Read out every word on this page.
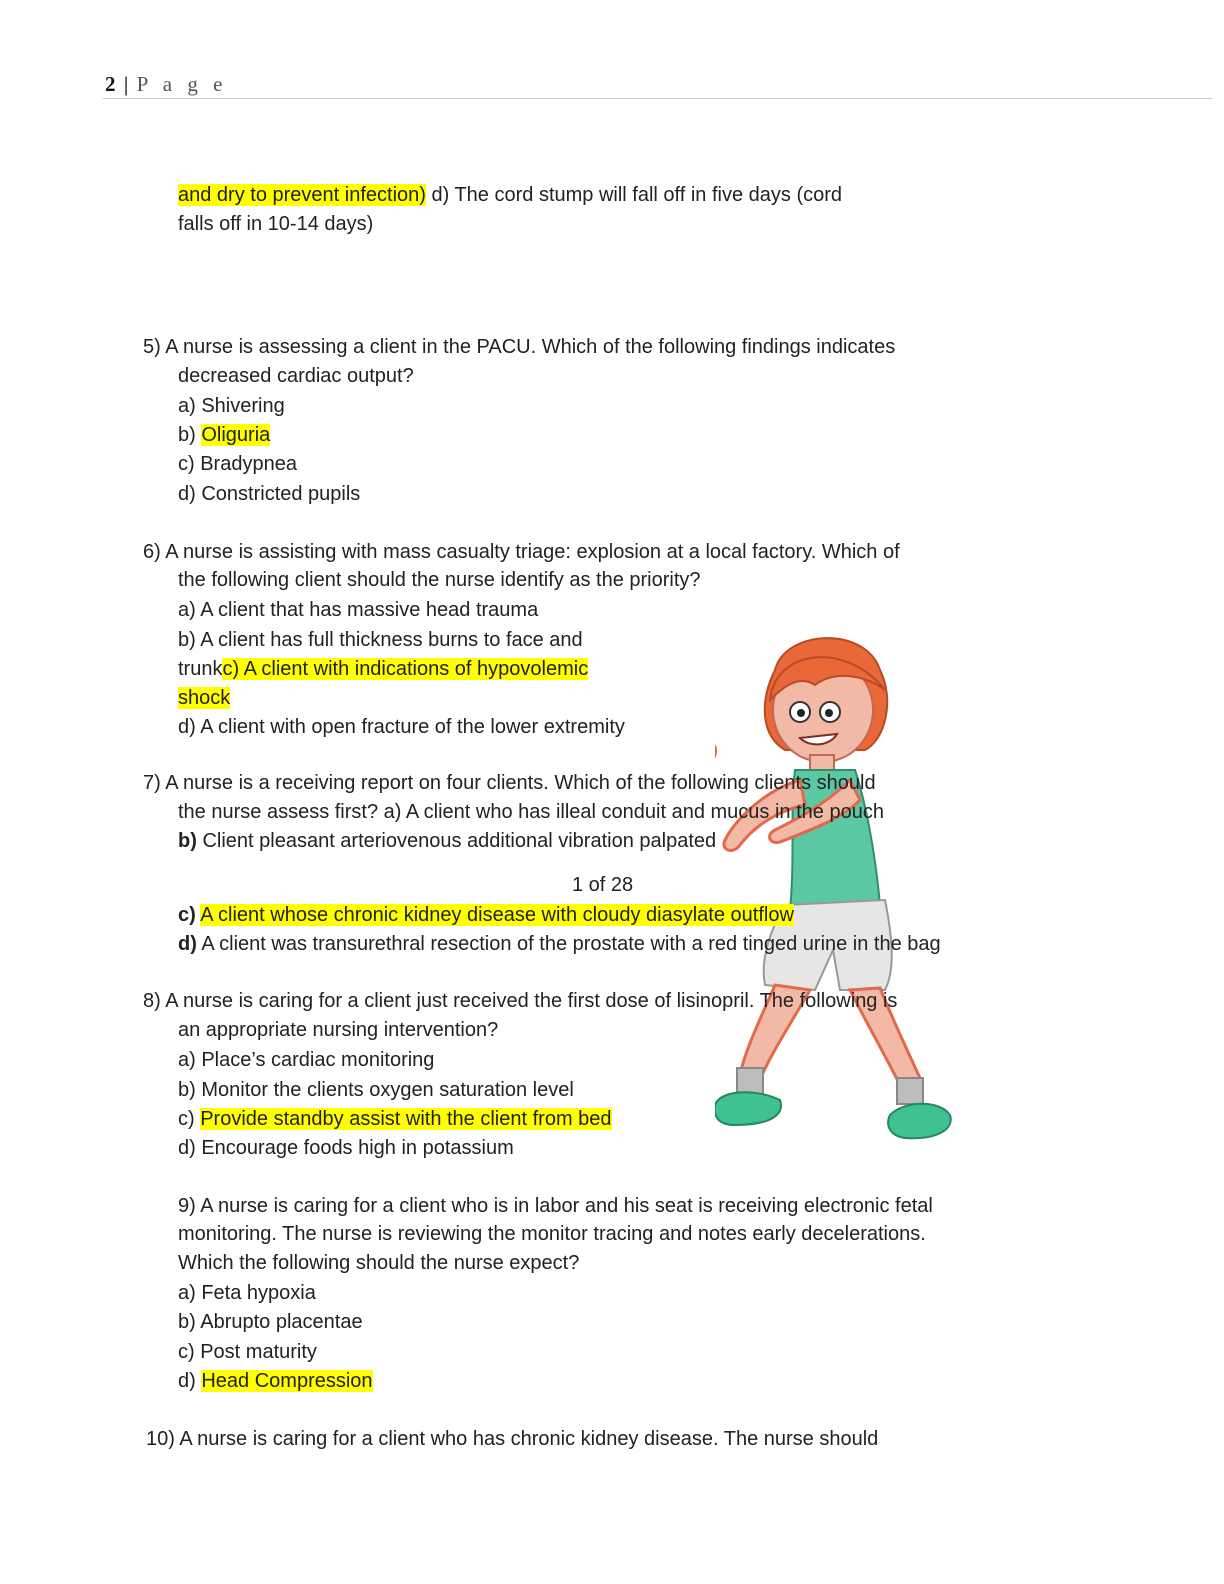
2 | P a g e
and dry to prevent infection) d) The cord stump will fall off in five days (cord
falls off in 10-14 days)
5) A nurse is assessing a client in the PACU. Which of the following findings indicates
decreased cardiac output?
a) Shivering
b) Oliguria
c) Bradypnea
d) Constricted pupils
6) A nurse is assisting with mass casualty triage: explosion at a local factory. Which of
the following client should the nurse identify as the priority?
a) A client that has massive head trauma
b) A client has full thickness burns to face and
trunkc) A client with indications of hypovolemic
shock
d) A client with open fracture of the lower extremity
7) A nurse is a receiving report on four clients. Which of the following clients should
the nurse assess first? a) A client who has illeal conduit and mucus in the pouch
b) Client pleasant arteriovenous additional vibration palpated
1 of 28
c) A client whose chronic kidney disease with cloudy diasylate outflow
d) A client was transurethral resection of the prostate with a red tinged urine in the bag
8) A nurse is caring for a client just received the first dose of lisinopril. The following is
an appropriate nursing intervention?
a) Place’s cardiac monitoring
b) Monitor the clients oxygen saturation level
c) Provide standby assist with the client from bed
d) Encourage foods high in potassium
9) A nurse is caring for a client who is in labor and his seat is receiving electronic fetal
monitoring. The nurse is reviewing the monitor tracing and notes early decelerations.
Which the following should the nurse expect?
a) Feta hypoxia
b) Abrupto placentae
c) Post maturity
d) Head Compression
10) A nurse is caring for a client who has chronic kidney disease. The nurse should
